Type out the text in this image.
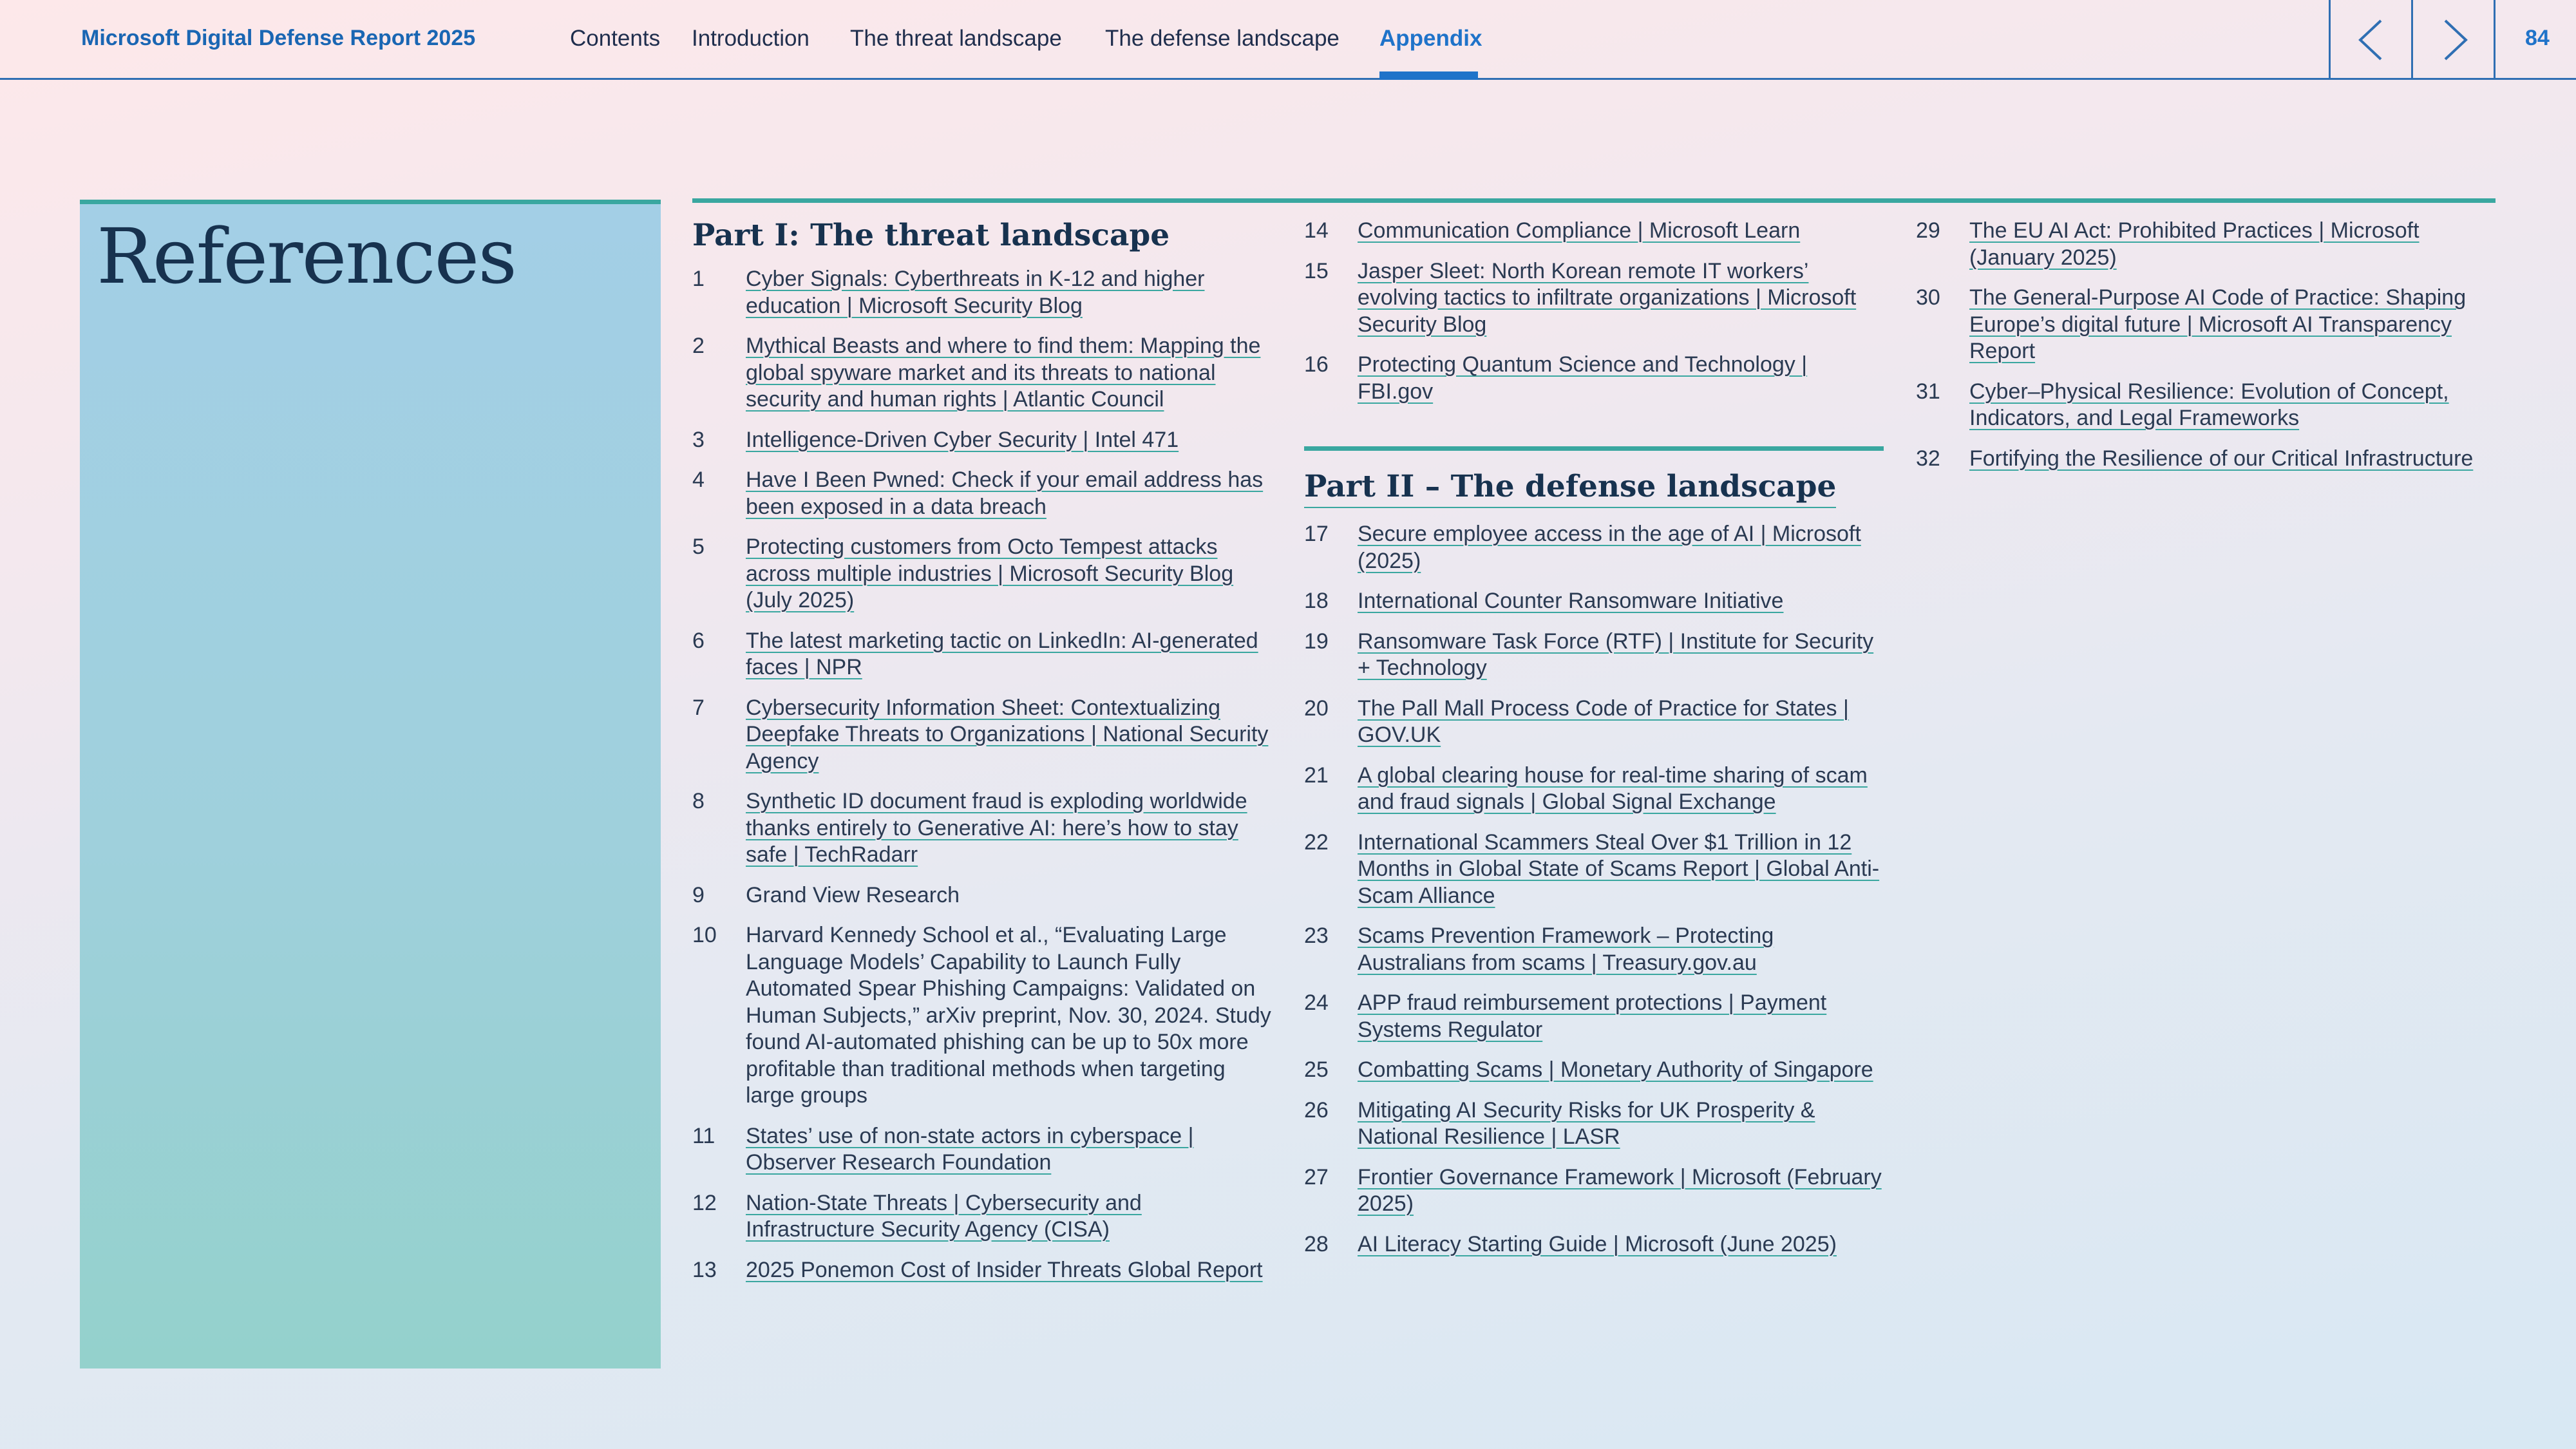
Microsoft Digital Defense Report 2025	Contents Introduction The threat landscape The defense landscape Appendix	84
References	Part I: The threat landscape
1 Cyber Signals: Cyberthreats in K-12 and higher education | Microsoft Security Blog
2 Mythical Beasts and where to find them: Mapping the global spyware market and its threats to national security and human rights | Atlantic Council
3 Intelligence-Driven Cyber Security | Intel 471
4 Have I Been Pwned: Check if your email address has been exposed in a data breach
5 Protecting customers from Octo Tempest attacks across multiple industries | Microsoft Security Blog (July 2025)
6 The latest marketing tactic on LinkedIn: AI-generated faces | NPR
7 Cybersecurity Information Sheet: Contextualizing Deepfake Threats to Organizations | National Security Agency
8 Synthetic ID document fraud is exploding worldwide thanks entirely to Generative AI: here’s how to stay safe | TechRadarr
9 Grand View Research
10 Harvard Kennedy School et al., “Evaluating Large Language Models’ Capability to Launch Fully Automated Spear Phishing Campaigns: Validated on Human Subjects,” arXiv preprint, Nov. 30, 2024. Study found AI-automated phishing can be up to 50x more profitable than traditional methods when targeting large groups
11 States’ use of non-state actors in cyberspace | Observer Research Foundation
12 Nation-State Threats | Cybersecurity and Infrastructure Security Agency (CISA)
13 2025 Ponemon Cost of Insider Threats Global Report
14 Communication Compliance | Microsoft Learn
15 Jasper Sleet: North Korean remote IT workers’ evolving tactics to infiltrate organizations | Microsoft Security Blog
16 Protecting Quantum Science and Technology | FBI.gov
Part II – The defense landscape
17 Secure employee access in the age of AI | Microsoft (2025)
18 International Counter Ransomware Initiative
19 Ransomware Task Force (RTF) | Institute for Security + Technology
20 The Pall Mall Process Code of Practice for States | GOV.UK
21 A global clearing house for real-time sharing of scam and fraud signals | Global Signal Exchange
22 International Scammers Steal Over $1 Trillion in 12 Months in Global State of Scams Report | Global Anti-Scam Alliance
23 Scams Prevention Framework – Protecting Australians from scams | Treasury.gov.au
24 APP fraud reimbursement protections | Payment Systems Regulator
25 Combatting Scams | Monetary Authority of Singapore
26 Mitigating AI Security Risks for UK Prosperity & National Resilience | LASR
27 Frontier Governance Framework | Microsoft (February 2025)
28 AI Literacy Starting Guide | Microsoft (June 2025)
29 The EU AI Act: Prohibited Practices | Microsoft (January 2025)
30 The General-Purpose AI Code of Practice: Shaping Europe’s digital future | Microsoft AI Transparency Report
31 Cyber–Physical Resilience: Evolution of Concept, Indicators, and Legal Frameworks
32 Fortifying the Resilience of our Critical Infrastructure
